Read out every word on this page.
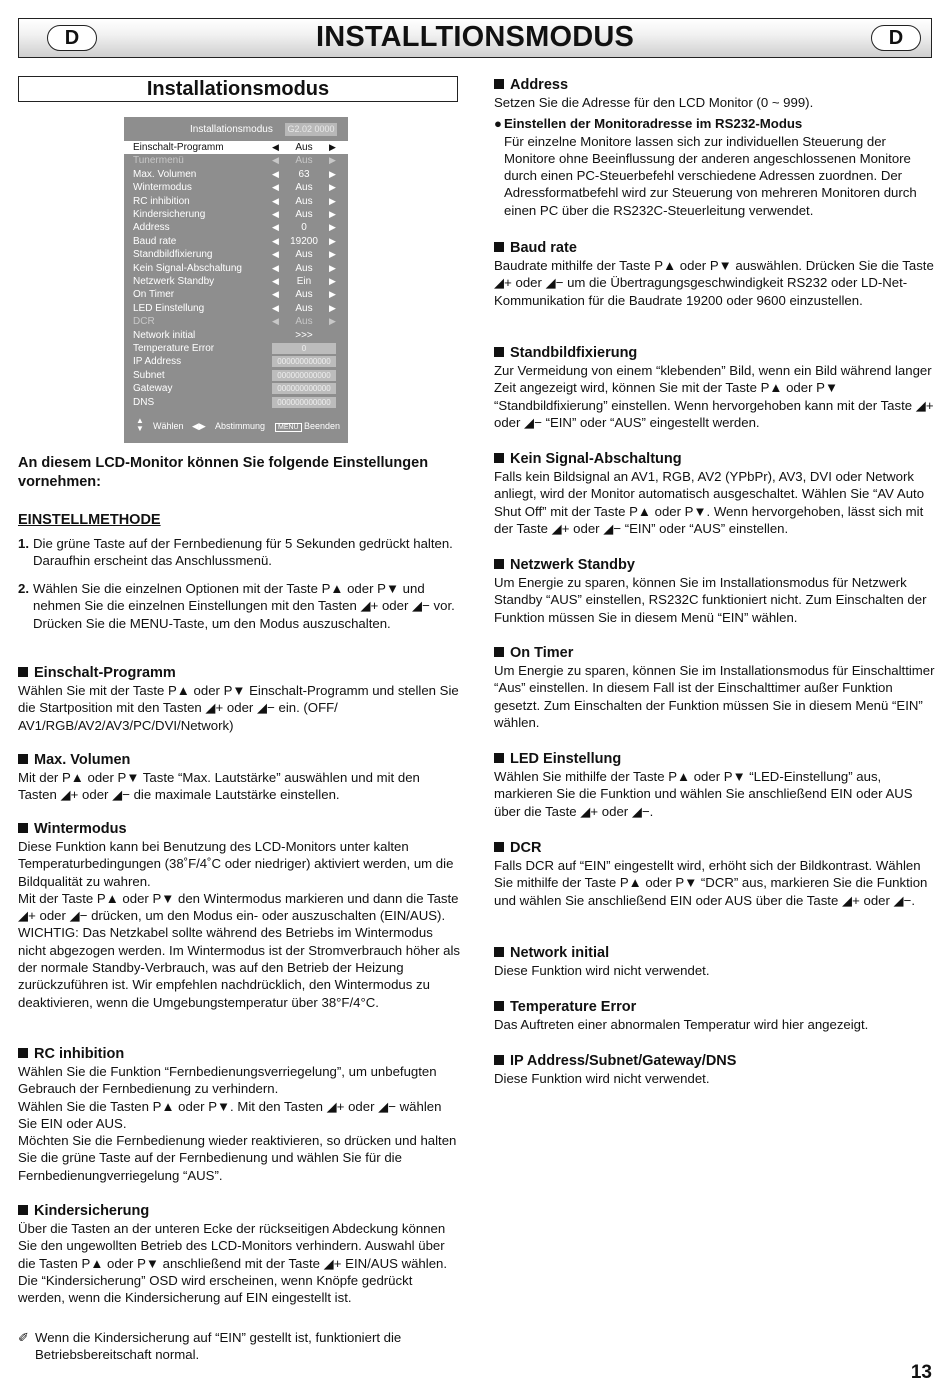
D	INSTALLTIONSMODUS	D
Installationsmodus
Installationsmodus G2.02 0000
Einschalt-Programm	◀	Aus	▶
Tunermenü	◀	Aus	▶
Max. Volumen	◀	63	▶
Wintermodus	◀	Aus	▶
RC inhibition	◀	Aus	▶
Kindersicherung	◀	Aus	▶
Address	◀	0	▶
Baud rate	◀	19200	▶
Standbildfixierung	◀	Aus	▶
Kein Signal-Abschaltung	◀	Aus	▶
Netzwerk Standby	◀	Ein	▶
On Timer	◀	Aus	▶
LED Einstellung	◀	Aus	▶
DCR	◀	Aus	▶
Network initial	>>>
Temperature Error	0
IP Address	000000000000
Subnet	000000000000
Gateway	000000000000
DNS	000000000000
▲
▼ Wählen ◀▶ Abstimmung	MENU Beenden
An diesem LCD-Monitor können Sie folgende Einstellungen vornehmen:
EINSTELLMETHODE
1. Die grüne Taste auf der Fernbedienung für 5 Sekunden gedrückt halten. Daraufhin erscheint das Anschlussmenü.
2. Wählen Sie die einzelnen Optionen mit der Taste P▲ oder P▼ und nehmen Sie die einzelnen Einstellungen mit den Tasten ◢+ oder ◢− vor. Drücken Sie die MENU-Taste, um den Modus auszuschalten.
Einschalt-Programm

Wählen Sie mit der Taste P▲ oder P▼ Einschalt-Programm und stellen Sie die Startposition mit den Tasten ◢+ oder ◢− ein. (OFF/ AV1/RGB/AV2/AV3/PC/DVI/Network)

Max. Volumen

Mit der P▲ oder P▼ Taste “Max. Lautstärke” auswählen und mit den Tasten ◢+ oder ◢− die maximale Lautstärke einstellen.

Wintermodus

Diese Funktion kann bei Benutzung des LCD-Monitors unter kalten Temperaturbedingungen (38˚F/4˚C oder niedriger) aktiviert werden, um die Bildqualität zu wahren.

Mit der Taste P▲ oder P▼ den Wintermodus markieren und dann die Taste ◢+ oder ◢− drücken, um den Modus ein- oder auszuschalten (EIN/AUS).

WICHTIG: Das Netzkabel sollte während des Betriebs im Wintermodus nicht abgezogen werden. Im Wintermodus ist der Stromverbrauch höher als der normale Standby-Verbrauch, was auf den Betrieb der Heizung zurückzuführen ist. Wir empfehlen nachdrücklich, den Wintermodus zu deaktivieren, wenn die Umgebungstemperatur über 38°F/4°C.

RC inhibition

Wählen Sie die Funktion “Fernbedienungsverriegelung”, um unbefugten Gebrauch der Fernbedienung zu verhindern.

Wählen Sie die Tasten P▲ oder P▼. Mit den Tasten ◢+ oder ◢− wählen Sie EIN oder AUS.

Möchten Sie die Fernbedienung wieder reaktivieren, so drücken und halten Sie die grüne Taste auf der Fernbedienung und wählen Sie für die Fernbedienungverriegelung “AUS”.

Kindersicherung

Über die Tasten an der unteren Ecke der rückseitigen Abdeckung können Sie den ungewollten Betrieb des LCD-Monitors verhindern. Auswahl über die Tasten P▲ oder P▼ anschließend mit der Taste ◢+ EIN/AUS wählen. Die “Kindersicherung” OSD wird erscheinen, wenn Knöpfe gedrückt werden, wenn die Kindersicherung auf EIN eingestellt ist.

✐ Wenn die Kindersicherung auf “EIN” gestellt ist, funktioniert die Betriebsbereitschaft normal.
Address

Setzen Sie die Adresse für den LCD Monitor (0 ~ 999).

● Einstellen der Monitoradresse im RS232-Modus
Für einzelne Monitore lassen sich zur individuellen Steuerung der Monitore ohne Beeinflussung der anderen angeschlossenen Monitore durch einen PC-Steuerbefehl verschiedene Adressen zuordnen. Der Adressformatbefehl wird zur Steuerung von mehreren Monitoren durch einen PC über die RS232C-Steuerleitung verwendet.
Baud rate

Baudrate mithilfe der Taste P▲ oder P▼ auswählen. Drücken Sie die Taste ◢+ oder ◢− um die Übertragungsgeschwindigkeit RS232 oder LD-Net-Kommunikation für die Baudrate 19200 oder 9600 einzustellen.

Standbildfixierung

Zur Vermeidung von einem “klebenden” Bild, wenn ein Bild während langer Zeit angezeigt wird, können Sie mit der Taste P▲ oder P▼ “Standbildfixierung” einstellen. Wenn hervorgehoben kann mit der Taste ◢+ oder ◢− “EIN” oder “AUS” eingestellt werden.

Kein Signal-Abschaltung

Falls kein Bildsignal an AV1, RGB, AV2 (YPbPr), AV3, DVI oder Network anliegt, wird der Monitor automatisch ausgeschaltet. Wählen Sie “AV Auto Shut Off” mit der Taste P▲ oder P▼. Wenn hervorgehoben, lässt sich mit der Taste ◢+ oder ◢− “EIN” oder “AUS” einstellen.

Netzwerk Standby

Um Energie zu sparen, können Sie im Installationsmodus für Netzwerk Standby “AUS” einstellen, RS232C funktioniert nicht. Zum Einschalten der Funktion müssen Sie in diesem Menü “EIN” wählen.

On Timer

Um Energie zu sparen, können Sie im Installationsmodus für Einschalttimer “Aus” einstellen. In diesem Fall ist der Einschalttimer außer Funktion gesetzt. Zum Einschalten der Funktion müssen Sie in diesem Menü “EIN” wählen.

LED Einstellung

Wählen Sie mithilfe der Taste P▲ oder P▼ “LED-Einstellung” aus, markieren Sie die Funktion und wählen Sie anschließend EIN oder AUS über die Taste ◢+ oder ◢−.

DCR

Falls DCR auf “EIN” eingestellt wird, erhöht sich der Bildkontrast. Wählen Sie mithilfe der Taste P▲ oder P▼ “DCR” aus, markieren Sie die Funktion und wählen Sie anschließend EIN oder AUS über die Taste ◢+ oder ◢−.

Network initial

Diese Funktion wird nicht verwendet.

Temperature Error

Das Auftreten einer abnormalen Temperatur wird hier angezeigt.

IP Address/Subnet/Gateway/DNS

Diese Funktion wird nicht verwendet.

13
